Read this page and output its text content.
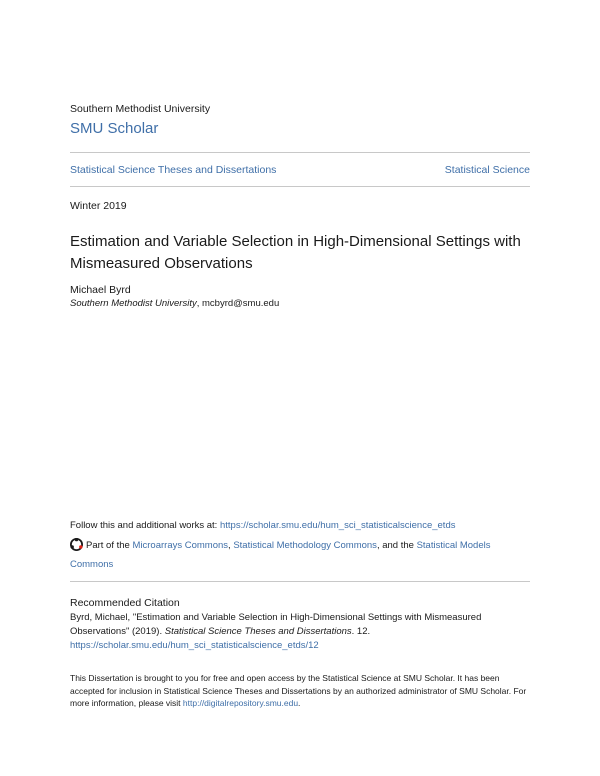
Southern Methodist University
SMU Scholar
Statistical Science Theses and Dissertations	Statistical Science
Winter 2019
Estimation and Variable Selection in High-Dimensional Settings with Mismeasured Observations
Michael Byrd
Southern Methodist University, mcbyrd@smu.edu
Follow this and additional works at: https://scholar.smu.edu/hum_sci_statisticalscience_etds
Part of the Microarrays Commons, Statistical Methodology Commons, and the Statistical Models Commons
Recommended Citation
Byrd, Michael, "Estimation and Variable Selection in High-Dimensional Settings with Mismeasured Observations" (2019). Statistical Science Theses and Dissertations. 12.
https://scholar.smu.edu/hum_sci_statisticalscience_etds/12
This Dissertation is brought to you for free and open access by the Statistical Science at SMU Scholar. It has been accepted for inclusion in Statistical Science Theses and Dissertations by an authorized administrator of SMU Scholar. For more information, please visit http://digitalrepository.smu.edu.
